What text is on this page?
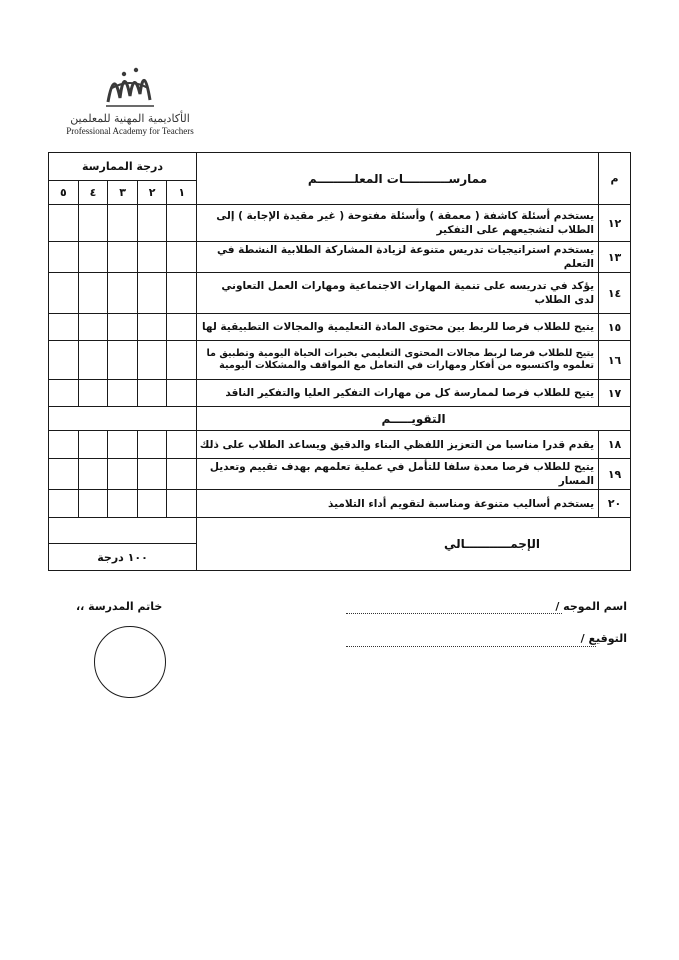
الأكاديمية المهنية للمعلمين
Professional Academy for Teachers
م	ممارســـــــــــات المعلـــــــــم	درجة الممارسة				
		١	٢	٣	٤	٥
١٢	يستخدم أسئلة كاشفة ( معمقة ) وأسئلة مفتوحة ( غير مقيدة الإجابة ) إلى الطلاب لتشجيعهم على التفكير					
١٣	يستخدم استراتيجيات تدريس متنوعة لزيادة المشاركة الطلابية النشطة في التعلم					
١٤	يؤكد في تدريسه على تنمية المهارات الاجتماعية ومهارات العمل التعاوني لدى الطلاب					
١٥	يتيح للطلاب فرصا للربط بين محتوى المادة التعليمية والمجالات التطبيقية لها					
١٦	يتيح للطلاب فرصا لربط مجالات المحتوى التعليمي بخبرات الحياة اليومية وتطبيق ما تعلموه واكتسبوه من أفكار ومهارات في التعامل مع المواقف والمشكلات اليومية					
١٧	يتيح للطلاب فرصا لممارسة كل من مهارات التفكير العليا والتفكير الناقد					
التقويـــــم						
١٨	يقدم قدرا مناسبا من التعزيز اللفظي البناء والدقيق ويساعد الطلاب على ذلك					
١٩	يتيح للطلاب فرصا معدة سلفا للتأمل في عملية تعلمهم بهدف تقييم وتعديل المسار					
٢٠	يستخدم أساليب متنوعة ومناسبة لتقويم أداء التلاميذ					
الإجمـــــــــــالي						
		١٠٠ درجة				
اسم الموجه /
التوقيع /
خاتم المدرسة ،،
